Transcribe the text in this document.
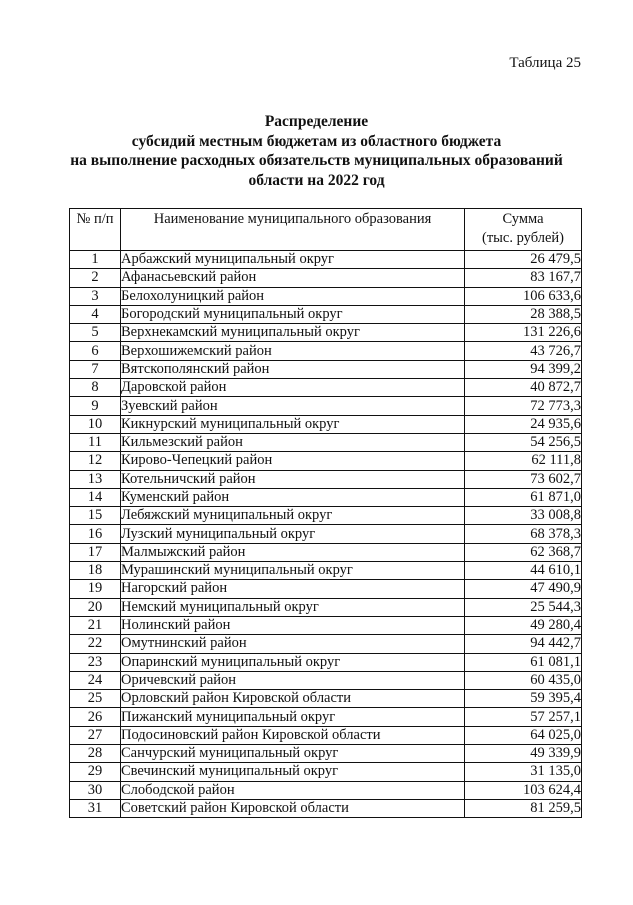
Таблица 25
Распределение
субсидий местным бюджетам из областного бюджета
на выполнение расходных обязательств муниципальных образований
области на 2022 год
№ п/п	Наименование муниципального образования	Сумма
(тыс. рублей)

1	Арбажский муниципальный округ	26 479,5
2	Афанасьевский район	83 167,7
3	Белохолуницкий район	106 633,6
4	Богородский муниципальный округ	28 388,5
5	Верхнекамский муниципальный округ	131 226,6
6	Верхошижемский район	43 726,7
7	Вятскополянский район	94 399,2
8	Даровской район	40 872,7
9	Зуевский район	72 773,3
10	Кикнурский муниципальный округ	24 935,6
11	Кильмезский район	54 256,5
12	Кирово-Чепецкий район	62 111,8
13	Котельничский район	73 602,7
14	Куменский район	61 871,0
15	Лебяжский муниципальный округ	33 008,8
16	Лузский муниципальный округ	68 378,3
17	Малмыжский район	62 368,7
18	Мурашинский муниципальный округ	44 610,1
19	Нагорский район	47 490,9
20	Немский муниципальный округ	25 544,3
21	Нолинский район	49 280,4
22	Омутнинский район	94 442,7
23	Опаринский муниципальный округ	61 081,1
24	Оричевский район	60 435,0
25	Орловский район Кировской области	59 395,4
26	Пижанский муниципальный округ	57 257,1
27	Подосиновский район Кировской области	64 025,0
28	Санчурский муниципальный округ	49 339,9
29	Свечинский муниципальный округ	31 135,0
30	Слободской район	103 624,4
31	Советский район Кировской области	81 259,5
